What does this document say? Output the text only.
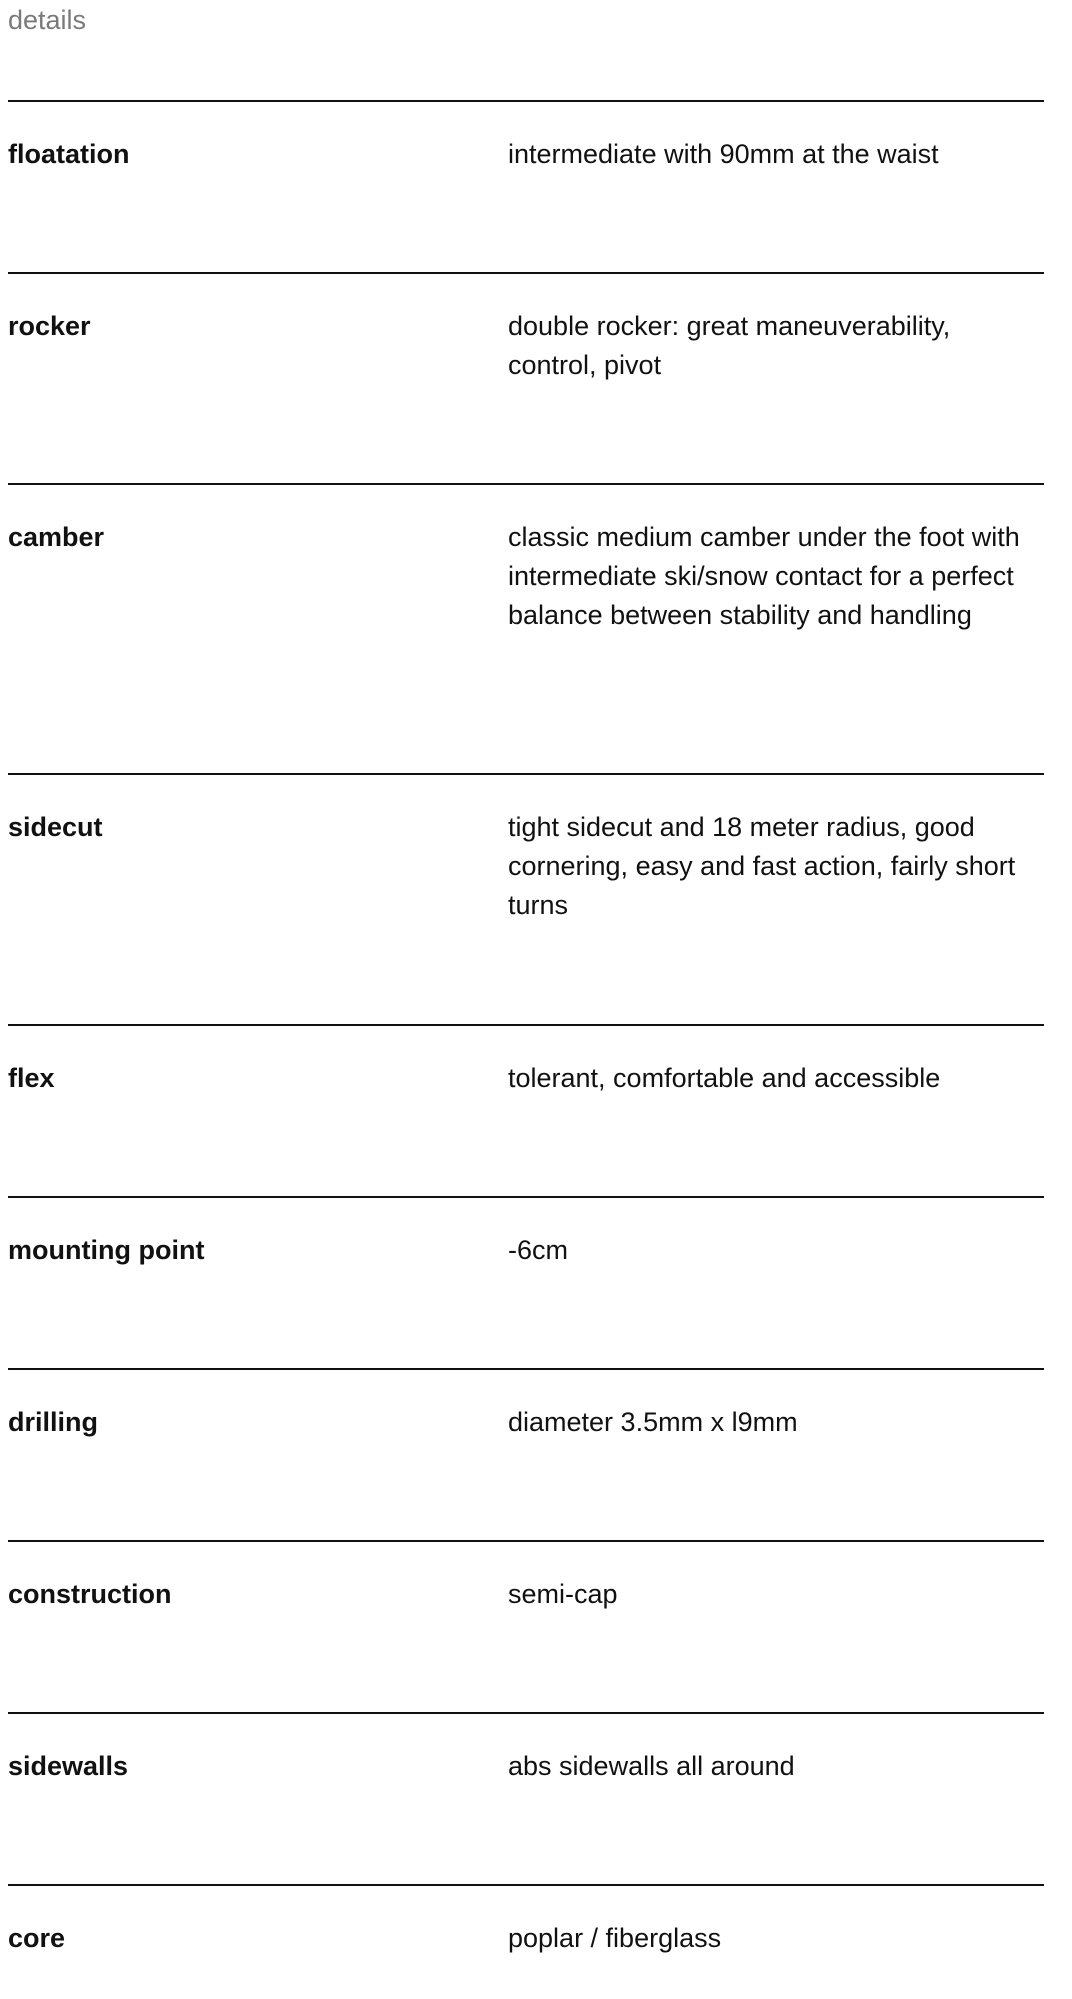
details
floatation	intermediate with 90mm at the waist
rocker	double rocker: great maneuverability, control, pivot
camber	classic medium camber under the foot with intermediate ski/snow contact for a perfect balance between stability and handling
sidecut	tight sidecut and 18 meter radius, good cornering, easy and fast action, fairly short turns
flex	tolerant, comfortable and accessible
mounting point	-6cm
drilling	diameter 3.5mm x l9mm
construction	semi-cap
sidewalls	abs sidewalls all around
core	poplar / fiberglass
